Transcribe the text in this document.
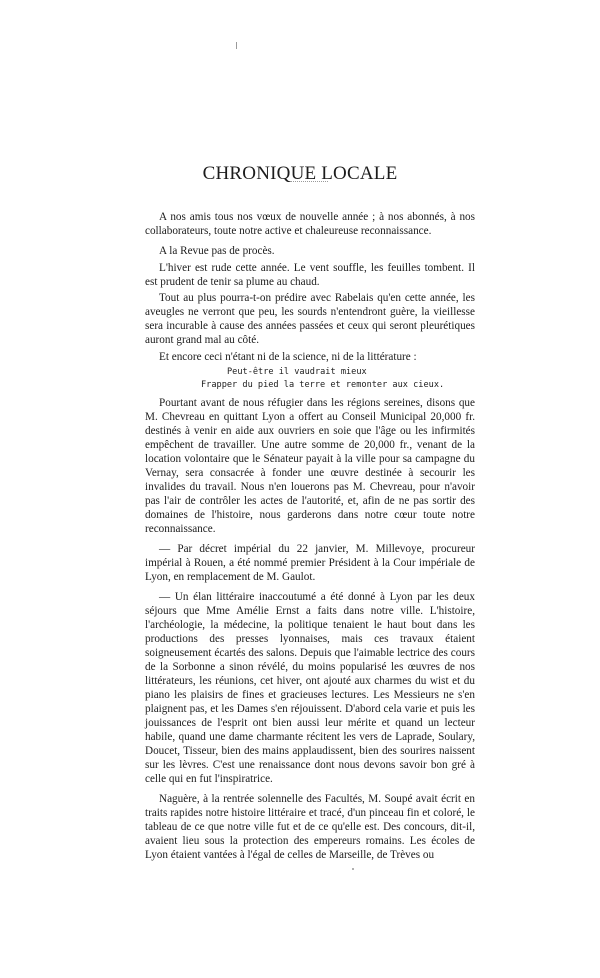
CHRONIQUE LOCALE

A nos amis tous nos vœux de nouvelle année ; à nos abonnés, à nos collaborateurs, toute notre active et chaleureuse reconnaissance.

A la Revue pas de procès.

L'hiver est rude cette année. Le vent souffle, les feuilles tombent. Il est prudent de tenir sa plume au chaud.

Tout au plus pourra-t-on prédire avec Rabelais qu'en cette année, les aveugles ne verront que peu, les sourds n'entendront guère, la vieillesse sera incurable à cause des années passées et ceux qui seront pleurétiques auront grand mal au côté.

Et encore ceci n'étant ni de la science, ni de la littérature :

Peut-être il vaudrait mieux
Frapper du pied la terre et remonter aux cieux.

Pourtant avant de nous réfugier dans les régions sereines, disons que M. Chevreau en quittant Lyon a offert au Conseil Municipal 20,000 fr. destinés à venir en aide aux ouvriers en soie que l'âge ou les infirmités empêchent de travailler. Une autre somme de 20,000 fr., venant de la location volontaire que le Sénateur payait à la ville pour sa campagne du Vernay, sera consacrée à fonder une œuvre destinée à secourir les invalides du travail. Nous n'en louerons pas M. Chevreau, pour n'avoir pas l'air de contrôler les actes de l'autorité, et, afin de ne pas sortir des domaines de l'histoire, nous garderons dans notre cœur toute notre reconnaissance.

— Par décret impérial du 22 janvier, M. Millevoye, procureur impérial à Rouen, a été nommé premier Président à la Cour impériale de Lyon, en remplacement de M. Gaulot.

— Un élan littéraire inaccoutumé a été donné à Lyon par les deux séjours que Mme Amélie Ernst a faits dans notre ville. L'histoire, l'archéologie, la médecine, la politique tenaient le haut bout dans les productions des presses lyonnaises, mais ces travaux étaient soigneusement écartés des salons. Depuis que l'aimable lectrice des cours de la Sorbonne a sinon révélé, du moins popularisé les œuvres de nos littérateurs, les réunions, cet hiver, ont ajouté aux charmes du wist et du piano les plaisirs de fines et gracieuses lectures. Les Messieurs ne s'en plaignent pas, et les Dames s'en réjouissent. D'abord cela varie et puis les jouissances de l'esprit ont bien aussi leur mérite et quand un lecteur habile, quand une dame charmante récitent les vers de Laprade, Soulary, Doucet, Tisseur, bien des mains applaudissent, bien des sourires naissent sur les lèvres. C'est une renaissance dont nous devons savoir bon gré à celle qui en fut l'inspiratrice.

Naguère, à la rentrée solennelle des Facultés, M. Soupé avait écrit en traits rapides notre histoire littéraire et tracé, d'un pinceau fin et coloré, le tableau de ce que notre ville fut et de ce qu'elle est. Des concours, dit-il, avaient lieu sous la protection des empereurs romains. Les écoles de Lyon étaient vantées à l'égal de celles de Marseille, de Trèves ou
